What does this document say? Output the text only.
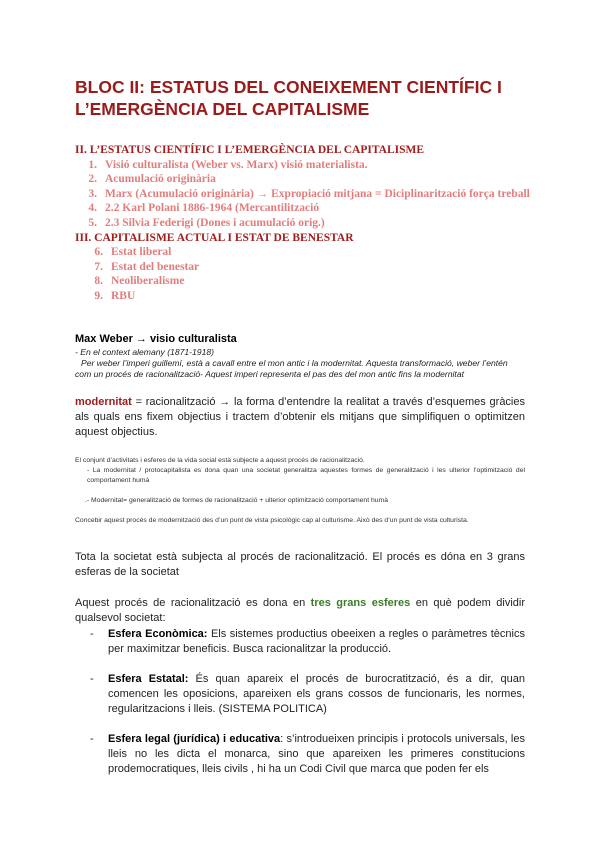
BLOC II: ESTATUS DEL CONEIXEMENT CIENTÍFIC I L’EMERGÈNCIA DEL CAPITALISME
II. L’ESTATUS CIENTÍFIC I L’EMERGÈNCIA DEL CAPITALISME
1. Visió culturalista (Weber vs. Marx) visió materialista.
2. Acumulació originària
3. Marx (Acumulació originària) → Expropiació mitjana = Diciplinarització força treball
4. 2.2 Karl Polani 1886-1964 (Mercantilització
5. 2.3 Silvia Federigi (Dones i acumulació orig.)
III. CAPITALISME ACTUAL I ESTAT DE BENESTAR
6. Estat liberal
7. Estat del benestar
8. Neoliberalisme
9. RBU
Max Weber → visio culturalista
- En el context alemany (1871-1918)
Per weber l’imperi guillemí, està a cavall entre el mon antic i la modernitat. Aquesta transformació, weber l’entén com un procés de racionalització- Aquest imperi representa el pas des del mon antic fins la modernitat

modernitat = racionalització → la forma d’entendre la realitat a través d’esquemes gràcies als quals ens fixem objectius i tractem d’obtenir els mitjans que simplifiquen o optimitzen aquest objectius.

El conjunt d’activitats i esferes de la vida social està subjecte a aquest procés de racionalització.

- La modernitat / protocapitalista es dona quan una societat generalitza aquestes formes de generalització i les ulterior l’optimització del comportament humà

.- Modernitat= generalització de formes de racionalització + ulterior optimització comportament humà

Concebir aquest procés de modernització des d’un punt de vista psicològic cap al culturisme. Això des d’un punt de vista culturista.

Tota la societat està subjecta al procés de racionalització. El procés es dóna en 3 grans esferas de la societat

Aquest procés de racionalització es dona en tres grans esferes en què podem dividir qualsevol societat:

-	Esfera Econòmica: Els sistemes productius obeeixen a regles o paràmetres tècnics per maximitzar beneficis. Busca racionalitzar la producció.
-	Esfera Estatal: És quan apareix el procés de burocratització, és a dir, quan comencen les oposicions, apareixen els grans cossos de funcionaris, les normes, regularitzacions i lleis. (SISTEMA POLITICA)
-	Esfera legal (jurídica) i educativa: s’introdueixen principis i protocols universals, les lleis no les dicta el monarca, sino que apareixen les primeres constitucions prodemocratiques, lleis civils , hi ha un Codi Civil que marca que poden fer els
